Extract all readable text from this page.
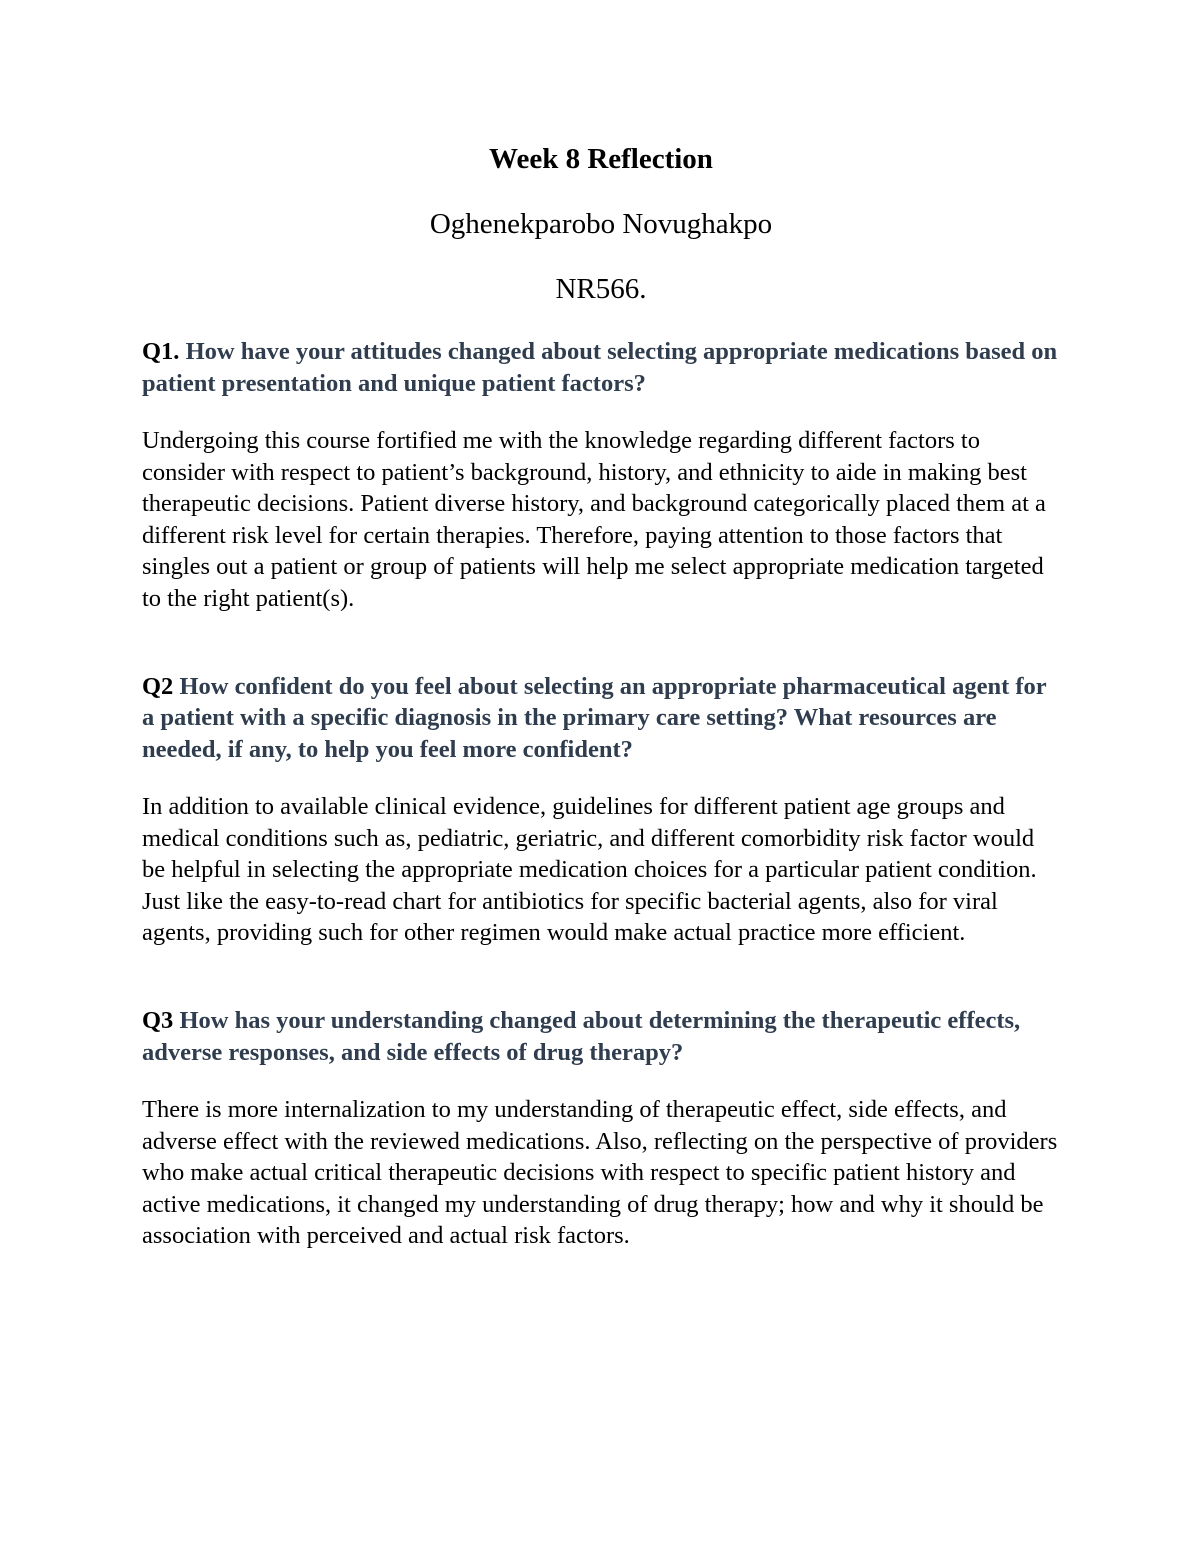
Week 8 Reflection

Oghenekparobo Novughakpo

NR566.

Q1. How have your attitudes changed about selecting appropriate medications based on patient presentation and unique patient factors?

Undergoing this course fortified me with the knowledge regarding different factors to consider with respect to patient’s background, history, and ethnicity to aide in making best therapeutic decisions. Patient diverse history, and background categorically placed them at a different risk level for certain therapies. Therefore, paying attention to those factors that singles out a patient or group of patients will help me select appropriate medication targeted to the right patient(s).

Q2 How confident do you feel about selecting an appropriate pharmaceutical agent for a patient with a specific diagnosis in the primary care setting? What resources are needed, if any, to help you feel more confident?

In addition to available clinical evidence, guidelines for different patient age groups and medical conditions such as, pediatric, geriatric, and different comorbidity risk factor would be helpful in selecting the appropriate medication choices for a particular patient condition. Just like the easy-to-read chart for antibiotics for specific bacterial agents, also for viral agents, providing such for other regimen would make actual practice more efficient.

Q3 How has your understanding changed about determining the therapeutic effects, adverse responses, and side effects of drug therapy?

There is more internalization to my understanding of therapeutic effect, side effects, and adverse effect with the reviewed medications. Also, reflecting on the perspective of providers who make actual critical therapeutic decisions with respect to specific patient history and active medications, it changed my understanding of drug therapy; how and why it should be association with perceived and actual risk factors.
